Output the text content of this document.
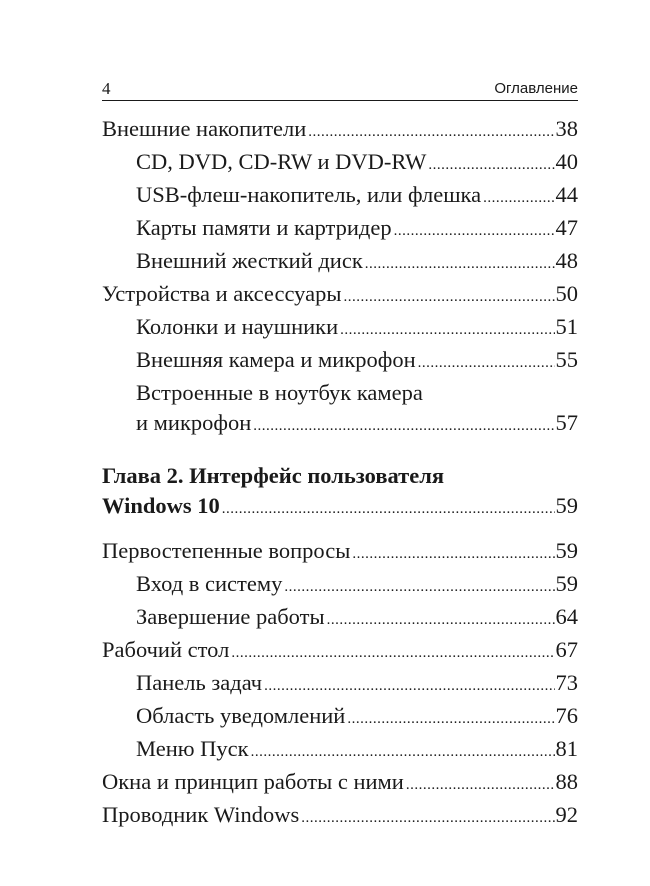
4	Оглавление
Внешние накопители .....	38
CD, DVD, CD-RW и DVD-RW .....	40
USB-флеш-накопитель, или флешка .....	44
Карты памяти и картридер .....	47
Внешний жесткий диск .....	48
Устройства и аксессуары .....	50
Колонки и наушники .....	51
Внешняя камера и микрофон .....	55
Встроенные в ноутбук камера
и микрофон .....	57
Глава 2. Интерфейс пользователя
Windows 10 .....	59
Первостепенные вопросы .....	59
Вход в систему .....	59
Завершение работы .....	64
Рабочий стол .....	67
Панель задач .....	73
Область уведомлений .....	76
Меню Пуск .....	81
Окна и принцип работы с ними .....	88
Проводник Windows .....	92
